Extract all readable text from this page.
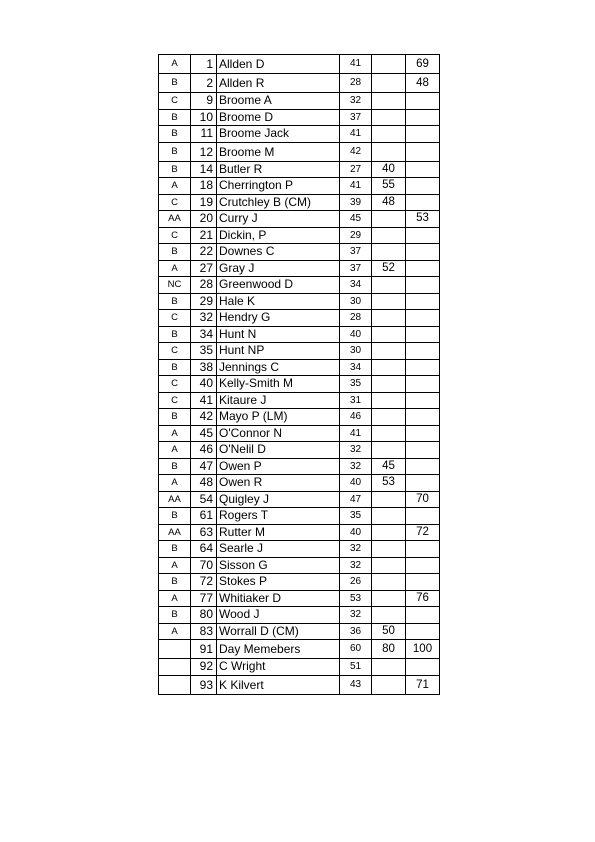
A	1	Allden D	41		69
B	2	Allden R	28		48
C	9	Broome A	32		
B	10	Broome D	37		
B	11	Broome Jack	41		
B	12	Broome M	42		
B	14	Butler R	27	40	
A	18	Cherrington P	41	55	
C	19	Crutchley B (CM)	39	48	
AA	20	Curry J	45		53
C	21	Dickin, P	29		
B	22	Downes C	37		
A	27	Gray J	37	52	
NC	28	Greenwood D	34		
B	29	Hale K	30		
C	32	Hendry G	28		
B	34	Hunt N	40		
C	35	Hunt NP	30		
B	38	Jennings C	34		
C	40	Kelly-Smith M	35		
C	41	Kitaure J	31		
B	42	Mayo P (LM)	46		
A	45	O'Connor N	41		
A	46	O'Nelil D	32		
B	47	Owen P	32	45	
A	48	Owen R	40	53	
AA	54	Quigley J	47		70
B	61	Rogers T	35		
AA	63	Rutter M	40		72
B	64	Searle J	32		
A	70	Sisson G	32		
B	72	Stokes P	26		
A	77	Whitiaker D	53		76
B	80	Wood J	32		
A	83	Worrall D (CM)	36	50	
	91	Day Memebers	60	80	100
	92	C Wright	51		
	93	K Kilvert	43		71
